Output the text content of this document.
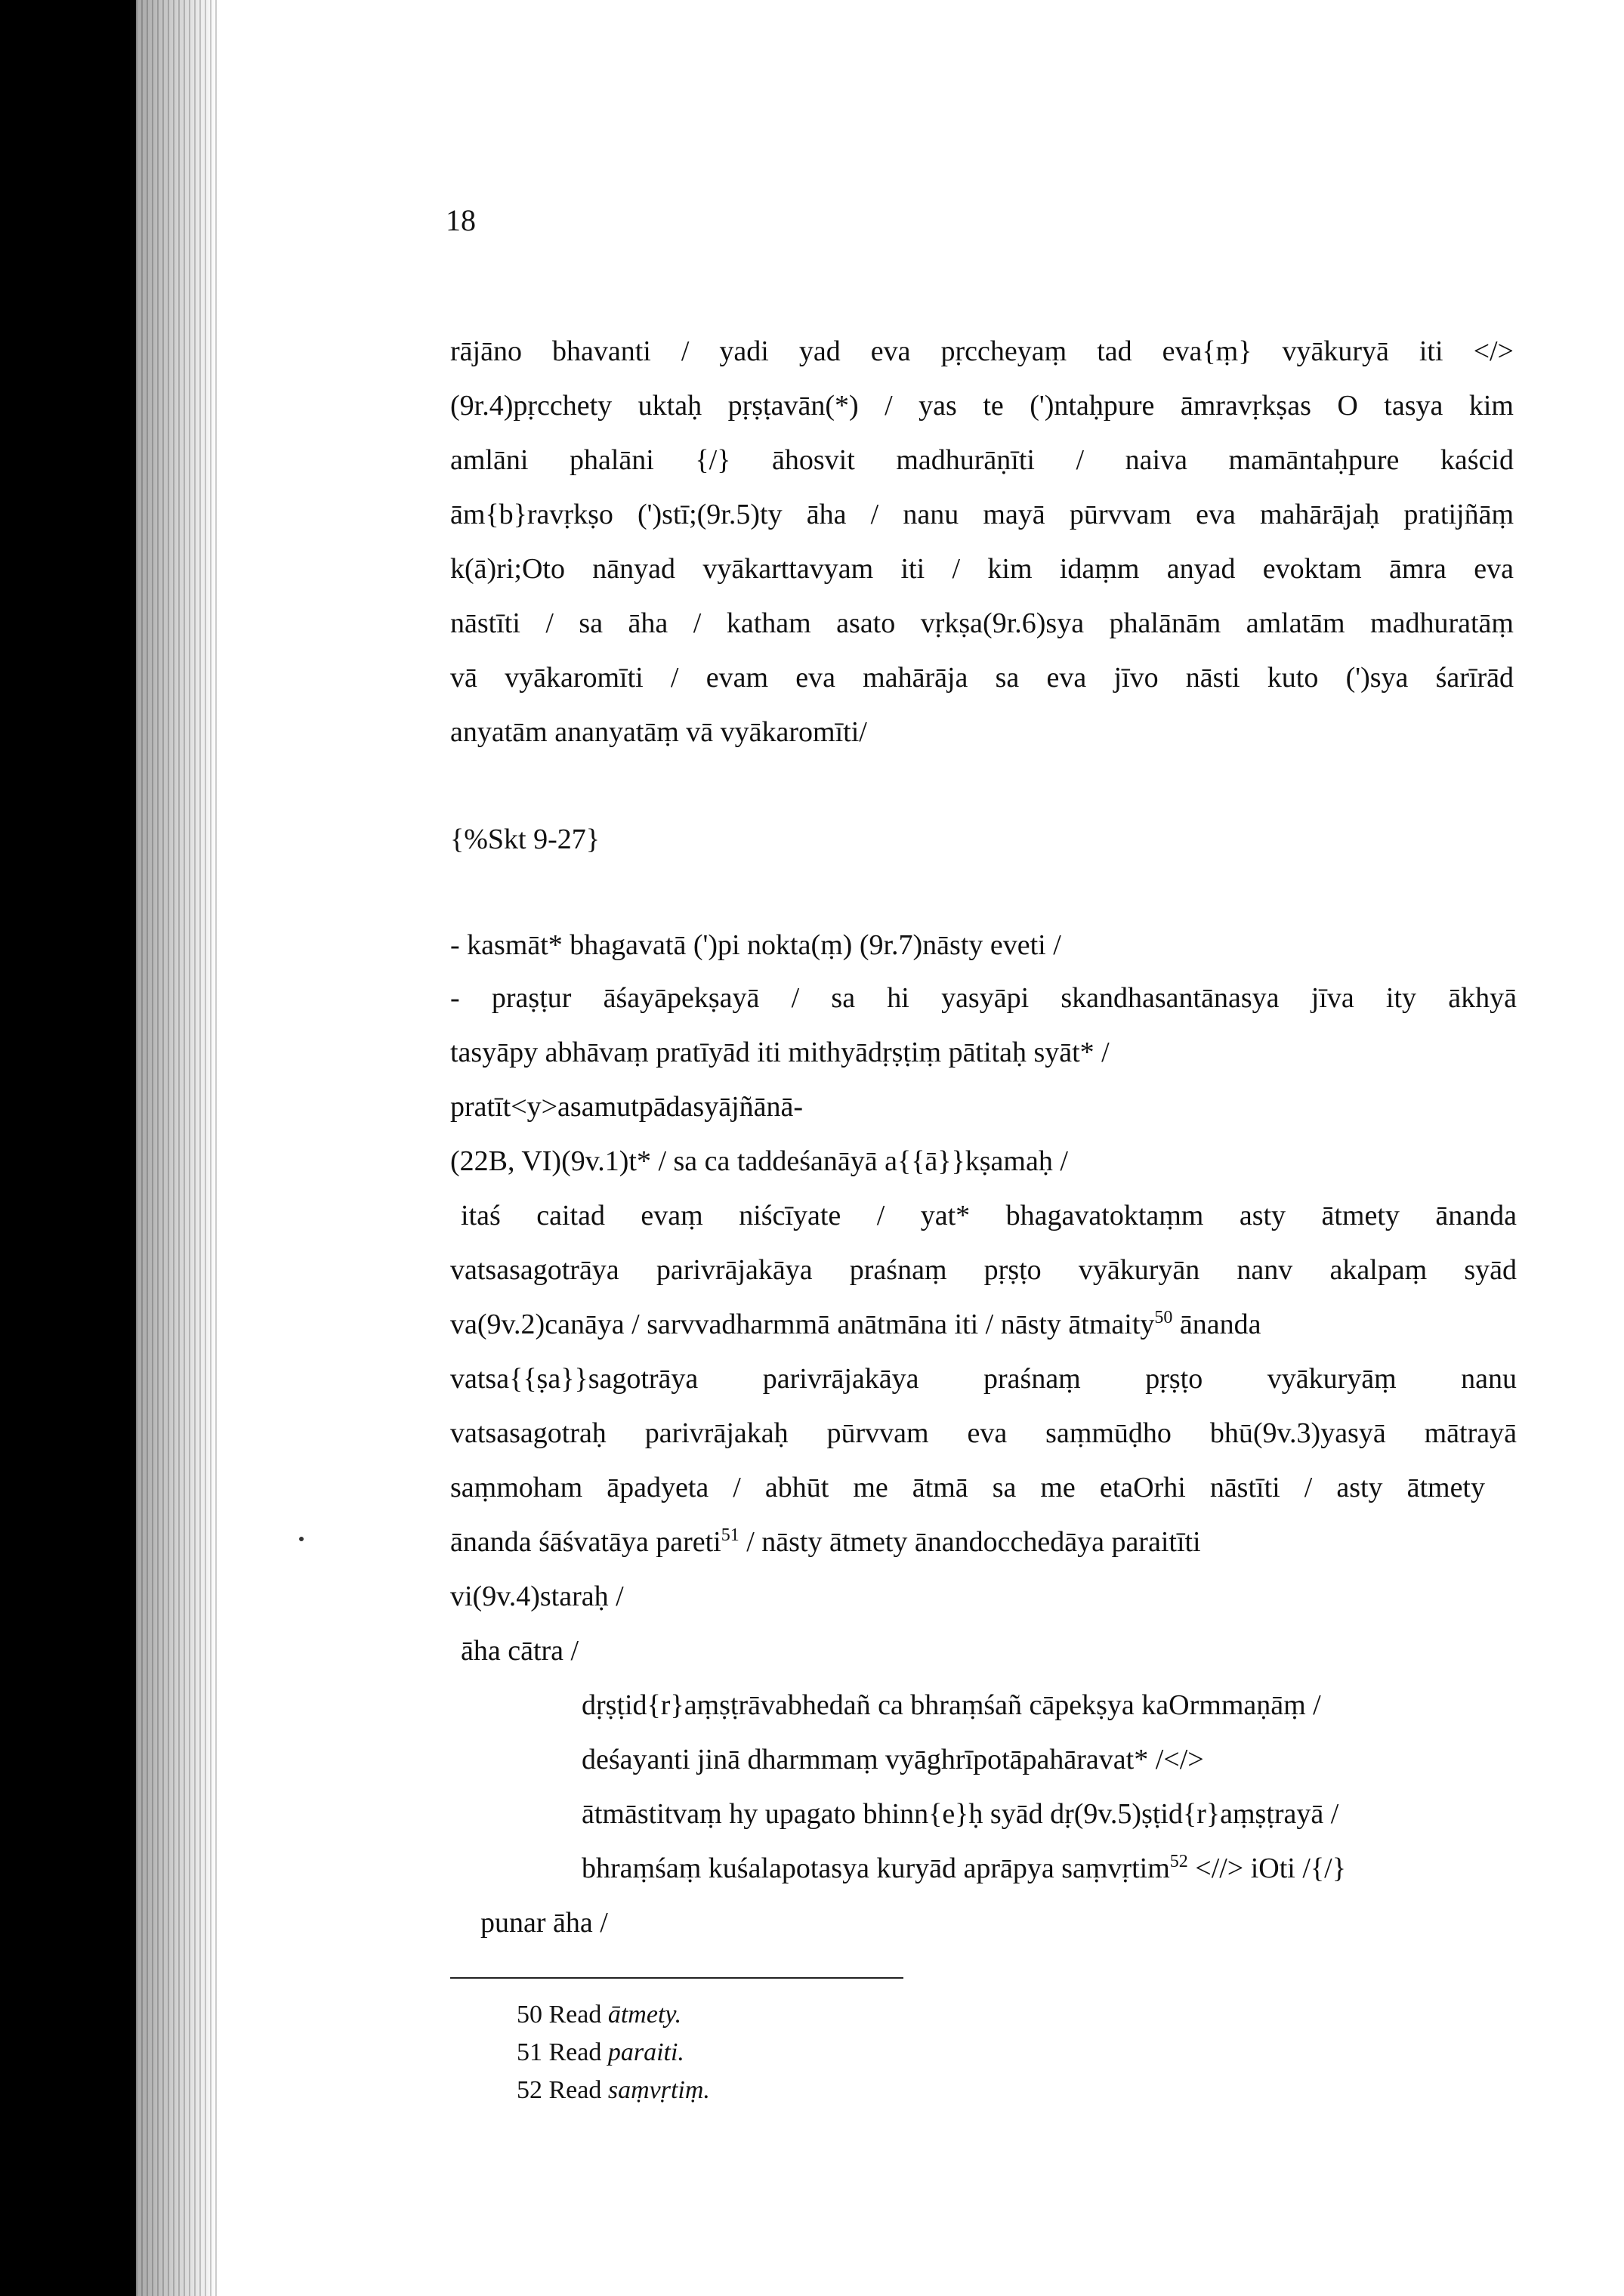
18
rājāno bhavanti / yadi yad eva pṛccheyaṃ tad eva{ṃ} vyākuryā iti </>
(9r.4)pṛcchety uktaḥ pṛṣṭavān(*) / yas te (')ntaḥpure āmravṛkṣas O tasya kim
amlāni phalāni {/} āhosvit madhurāṇīti / naiva mamāntaḥpure kaścid
ām{b}ravṛkṣo (')stī;(9r.5)ty āha / nanu mayā pūrvvam eva mahārājaḥ pratijñāṃ
k(ā)ri;Oto nānyad vyākarttavyam iti / kim idaṃm anyad evoktam āmra eva
nāstīti / sa āha / katham asato vṛkṣa(9r.6)sya phalānām amlatām madhuratāṃ
vā vyākaromīti / evam eva mahārāja sa eva jīvo nāsti kuto (')sya śarīrād
anyatām ananyatāṃ vā vyākaromīti/
{%Skt 9-27}
- kasmāt* bhagavatā (')pi nokta(ṃ) (9r.7)nāsty eveti /
- praṣṭur āśayāpekṣayā / sa hi yasyāpi skandhasantānasya jīva ity ākhyā
tasyāpy abhāvaṃ pratīyād iti mithyādṛṣṭiṃ pātitaḥ syāt* /
pratīt<y>asamutpādasyājñānā-
(22B, VI)(9v.1)t* / sa ca taddeśanāyā a{{ā}}kṣamaḥ /
itaś caitad evaṃ niścīyate / yat* bhagavatoktaṃm asty ātmety ānanda
vatsasagotrāya parivrājakāya praśnaṃ pṛṣṭo vyākuryān nanv akalpaṃ syād
va(9v.2)canāya / sarvvadharmmā anātmāna iti / nāsty ātmaity$^{50}$ ānanda
vatsa{{ṣa}}sagotrāya parivrājakāya praśnaṃ pṛṣṭo vyākuryāṃ nanu
vatsasagotraḥ parivrājakaḥ pūrvvam eva saṃmūḍho bhū(9v.3)yasyā mātrayā
saṃmoham āpadyeta / abhūt me ātmā sa me etaOrhi nāstīti / asty ātmety
ānanda śāśvatāya pareti$^{51}$ / nāsty ātmety ānandocchedāya paraitīti
vi(9v.4)staraḥ /
āha cātra /
dṛṣṭid{r}aṃṣṭrāvabhedañ ca bhraṃśañ cāpekṣya kaOrmmaṇāṃ /
deśayanti jinā dharmmaṃ vyāghrīpotāpahāravat* /</>
ātmāstitvaṃ hy upagato bhinn{e}ḥ syād dṛ(9v.5)ṣṭid{r}aṃṣṭrayā /
bhraṃśaṃ kuśalapotasya kuryād aprāpya saṃvṛtim$^{52}$ <//> iOti /{/}
punar āha /
50 Read ātmety.
51 Read paraiti.
52 Read saṃvṛtiṃ.
